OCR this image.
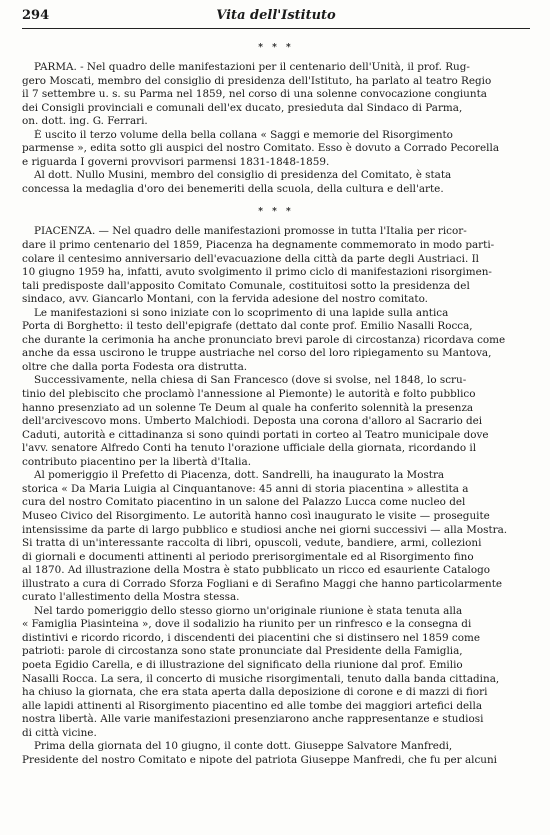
294	Vita dell'Istituto
* * *

PARMA. - Nel quadro delle manifestazioni per il centenario dell'Unità, il prof. Rug-
gero Moscati, membro del consiglio di presidenza dell'Istituto, ha parlato al teatro Regio
il 7 settembre u. s. su Parma nel 1859, nel corso di una solenne convocazione congiunta
dei Consigli provinciali e comunali dell'ex ducato, presieduta dal Sindaco di Parma,
on. dott. ing. G. Ferrari.

È uscito il terzo volume della bella collana « Saggi e memorie del Risorgimento
parmense », edita sotto gli auspici del nostro Comitato. Esso è dovuto a Corrado Pecorella
e riguarda I governi provvisori parmensi 1831-1848-1859.

Al dott. Nullo Musini, membro del consiglio di presidenza del Comitato, è stata
concessa la medaglia d'oro dei benemeriti della scuola, della cultura e dell'arte.

* * *

PIACENZA. — Nel quadro delle manifestazioni promosse in tutta l'Italia per ricor-
dare il primo centenario del 1859, Piacenza ha degnamente commemorato in modo parti-
colare il centesimo anniversario dell'evacuazione della città da parte degli Austriaci. Il
10 giugno 1959 ha, infatti, avuto svolgimento il primo ciclo di manifestazioni risorgimen-
tali predisposte dall'apposito Comitato Comunale, costituitosi sotto la presidenza del
sindaco, avv. Giancarlo Montani, con la fervida adesione del nostro comitato.

Le manifestazioni si sono iniziate con lo scoprimento di una lapide sulla antica
Porta di Borghetto: il testo dell'epigrafe (dettato dal conte prof. Emilio Nasalli Rocca,
che durante la cerimonia ha anche pronunciato brevi parole di circostanza) ricordava come
anche da essa uscirono le truppe austriache nel corso del loro ripiegamento su Mantova,
oltre che dalla porta Fodesta ora distrutta.

Successivamente, nella chiesa di San Francesco (dove si svolse, nel 1848, lo scru-
tinio del plebiscito che proclamò l'annessione al Piemonte) le autorità e folto pubblico
hanno presenziato ad un solenne Te Deum al quale ha conferito solennità la presenza
dell'arcivescovo mons. Umberto Malchiodi. Deposta una corona d'alloro al Sacrario dei
Caduti, autorità e cittadinanza si sono quindi portati in corteo al Teatro municipale dove
l'avv. senatore Alfredo Conti ha tenuto l'orazione ufficiale della giornata, ricordando il
contributo piacentino per la libertà d'Italia.

Al pomeriggio il Prefetto di Piacenza, dott. Sandrelli, ha inaugurato la Mostra
storica « Da Maria Luigia al Cinquantanove: 45 anni di storia piacentina » allestita a
cura del nostro Comitato piacentino in un salone del Palazzo Lucca come nucleo del
Museo Civico del Risorgimento. Le autorità hanno così inaugurato le visite — proseguite
intensissime da parte di largo pubblico e studiosi anche nei giorni successivi — alla Mostra.
Si tratta di un'interessante raccolta di libri, opuscoli, vedute, bandiere, armi, collezioni
di giornali e documenti attinenti al periodo prerisorgimentale ed al Risorgimento fino
al 1870. Ad illustrazione della Mostra è stato pubblicato un ricco ed esauriente Catalogo
illustrato a cura di Corrado Sforza Fogliani e di Serafino Maggi che hanno particolarmente
curato l'allestimento della Mostra stessa.

Nel tardo pomeriggio dello stesso giorno un'originale riunione è stata tenuta alla
« Famiglia Piasinteina », dove il sodalizio ha riunito per un rinfresco e la consegna di
distintivi e ricordo ricordo, i discendenti dei piacentini che si distinsero nel 1859 come
patrioti: parole di circostanza sono state pronunciate dal Presidente della Famiglia,
poeta Egidio Carella, e di illustrazione del significato della riunione dal prof. Emilio
Nasalli Rocca. La sera, il concerto di musiche risorgimentali, tenuto dalla banda cittadina,
ha chiuso la giornata, che era stata aperta dalla deposizione di corone e di mazzi di fiori
alle lapidi attinenti al Risorgimento piacentino ed alle tombe dei maggiori artefici della
nostra libertà. Alle varie manifestazioni presenziarono anche rappresentanze e studiosi
di città vicine.

Prima della giornata del 10 giugno, il conte dott. Giuseppe Salvatore Manfredi,
Presidente del nostro Comitato e nipote del patriota Giuseppe Manfredi, che fu per alcuni
